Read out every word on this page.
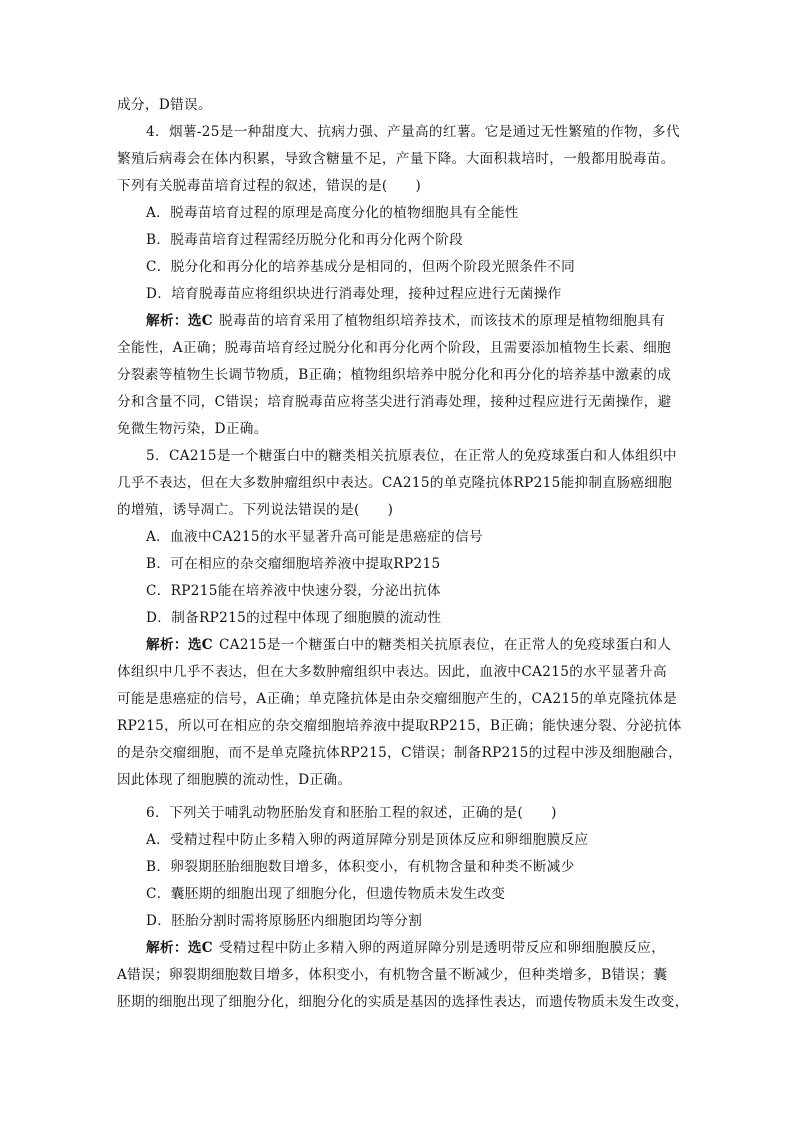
成分，D错误。
4．烟薯-25是一种甜度大、抗病力强、产量高的红薯。它是通过无性繁殖的作物，多代
繁殖后病毒会在体内积累，导致含糖量不足，产量下降。大面积栽培时，一般都用脱毒苗。
下列有关脱毒苗培育过程的叙述，错误的是(　　)
A．脱毒苗培育过程的原理是高度分化的植物细胞具有全能性
B．脱毒苗培育过程需经历脱分化和再分化两个阶段
C．脱分化和再分化的培养基成分是相同的，但两个阶段光照条件不同
D．培育脱毒苗应将组织块进行消毒处理，接种过程应进行无菌操作
解析：选C 脱毒苗的培育采用了植物组织培养技术，而该技术的原理是植物细胞具有
全能性，A正确；脱毒苗培育经过脱分化和再分化两个阶段，且需要添加植物生长素、细胞
分裂素等植物生长调节物质，B正确；植物组织培养中脱分化和再分化的培养基中激素的成
分和含量不同，C错误；培育脱毒苗应将茎尖进行消毒处理，接种过程应进行无菌操作，避
免微生物污染，D正确。
5．CA215是一个糖蛋白中的糖类相关抗原表位，在正常人的免疫球蛋白和人体组织中
几乎不表达，但在大多数肿瘤组织中表达。CA215的单克隆抗体RP215能抑制直肠癌细胞
的增殖，诱导凋亡。下列说法错误的是(　　)
A．血液中CA215的水平显著升高可能是患癌症的信号
B．可在相应的杂交瘤细胞培养液中提取RP215
C．RP215能在培养液中快速分裂，分泌出抗体
D．制备RP215的过程中体现了细胞膜的流动性
解析：选C CA215是一个糖蛋白中的糖类相关抗原表位，在正常人的免疫球蛋白和人
体组织中几乎不表达，但在大多数肿瘤组织中表达。因此，血液中CA215的水平显著升高
可能是患癌症的信号，A正确；单克隆抗体是由杂交瘤细胞产生的，CA215的单克隆抗体是
RP215，所以可在相应的杂交瘤细胞培养液中提取RP215，B正确；能快速分裂、分泌抗体
的是杂交瘤细胞，而不是单克隆抗体RP215，C错误；制备RP215的过程中涉及细胞融合，
因此体现了细胞膜的流动性，D正确。
6．下列关于哺乳动物胚胎发育和胚胎工程的叙述，正确的是(　　)
A．受精过程中防止多精入卵的两道屏障分别是顶体反应和卵细胞膜反应
B．卵裂期胚胎细胞数目增多，体积变小，有机物含量和种类不断减少
C．囊胚期的细胞出现了细胞分化，但遗传物质未发生改变
D．胚胎分割时需将原肠胚内细胞团均等分割
解析：选C 受精过程中防止多精入卵的两道屏障分别是透明带反应和卵细胞膜反应，
A错误；卵裂期细胞数目增多，体积变小，有机物含量不断减少，但种类增多，B错误；囊
胚期的细胞出现了细胞分化，细胞分化的实质是基因的选择性表达，而遗传物质未发生改变，
